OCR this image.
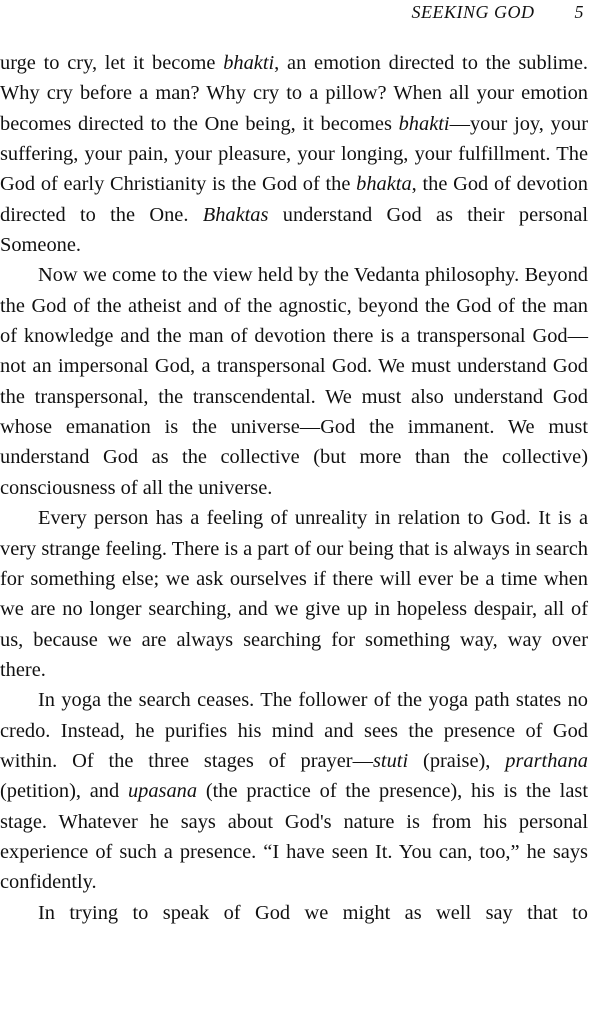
SEEKING GOD 5

urge to cry, let it become bhakti, an emotion directed to the sublime. Why cry before a man? Why cry to a pillow? When all your emotion becomes directed to the One being, it becomes bhakti—your joy, your suffering, your pain, your pleasure, your longing, your fulfillment. The God of early Christianity is the God of the bhakta, the God of devotion directed to the One. Bhaktas understand God as their personal Someone.

Now we come to the view held by the Vedanta philosophy. Beyond the God of the atheist and of the agnostic, beyond the God of the man of knowledge and the man of devotion there is a transpersonal God—not an impersonal God, a transpersonal God. We must understand God the transpersonal, the transcendental. We must also understand God whose emanation is the universe—God the immanent. We must understand God as the collective (but more than the collective) consciousness of all the universe.

Every person has a feeling of unreality in relation to God. It is a very strange feeling. There is a part of our being that is always in search for something else; we ask ourselves if there will ever be a time when we are no longer searching, and we give up in hopeless despair, all of us, because we are always searching for something way, way over there.

In yoga the search ceases. The follower of the yoga path states no credo. Instead, he purifies his mind and sees the presence of God within. Of the three stages of prayer—stuti (praise), prarthana (petition), and upasana (the practice of the presence), his is the last stage. Whatever he says about God's nature is from his personal experience of such a presence. “I have seen It. You can, too,” he says confidently.

In trying to speak of God we might as well say that to
